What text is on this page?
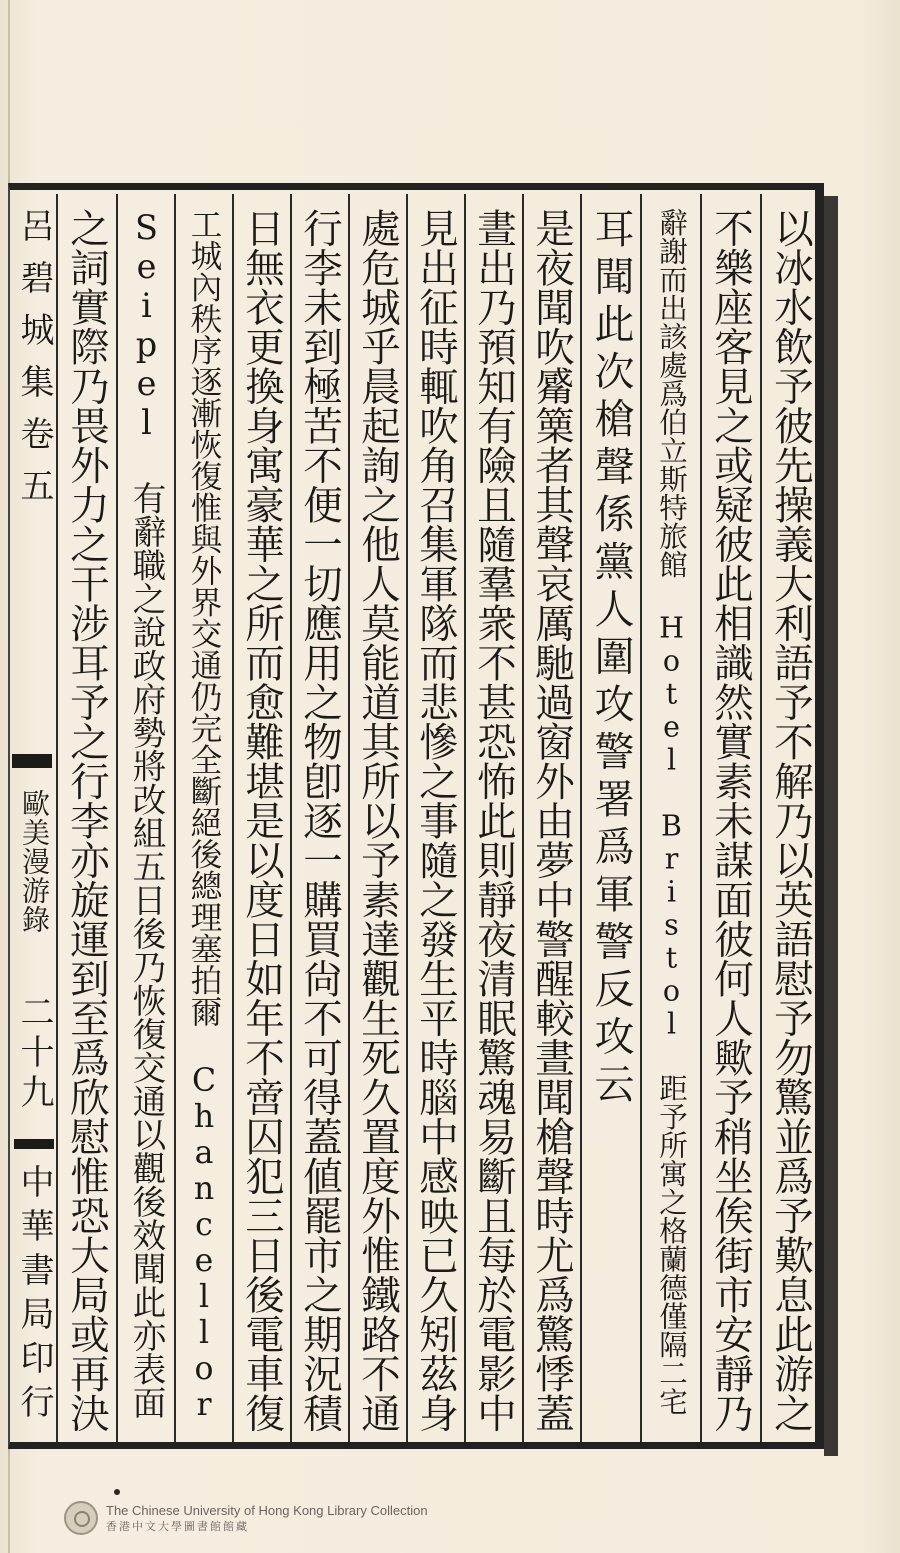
呂碧城集卷五
歐美漫游錄
二十九
中華書局印行	以冰水飲予彼先操義大利語予不解乃以英語慰予勿驚並爲予歎息此游之
不樂座客見之或疑彼此相識然實素未謀面彼何人歟予稍坐俟街市安靜乃
辭謝而出該處爲伯立斯特旅館 Hotel Bristol 距予所寓之格蘭德僅隔二宅
耳聞此次槍聲係黨人圍攻警署爲軍警反攻云
是夜聞吹觱篥者其聲哀厲馳過窗外由夢中警醒較晝聞槍聲時尤爲驚悸蓋
晝出乃預知有險且隨羣衆不甚恐怖此則靜夜清眠驚魂易斷且每於電影中
見出征時輒吹角召集軍隊而悲慘之事隨之發生平時腦中感映已久矧茲身
處危城乎晨起詢之他人莫能道其所以予素達觀生死久置度外惟鐵路不通
行李未到極苦不便一切應用之物卽逐一購買尙不可得蓋値罷市之期況積
日無衣更換身寓豪華之所而愈難堪是以度日如年不啻囚犯三日後電車復
工城內秩序逐漸恢復惟與外界交通仍完全斷絕後總理塞拍爾 Chancellor
Seipel 有辭職之說政府勢將改組五日後乃恢復交通以觀後效聞此亦表面
之詞實際乃畏外力之干涉耳予之行李亦旋運到至爲欣慰惟恐大局或再決
The Chinese University of Hong Kong Library Collection
香港中文大學圖書館館藏
